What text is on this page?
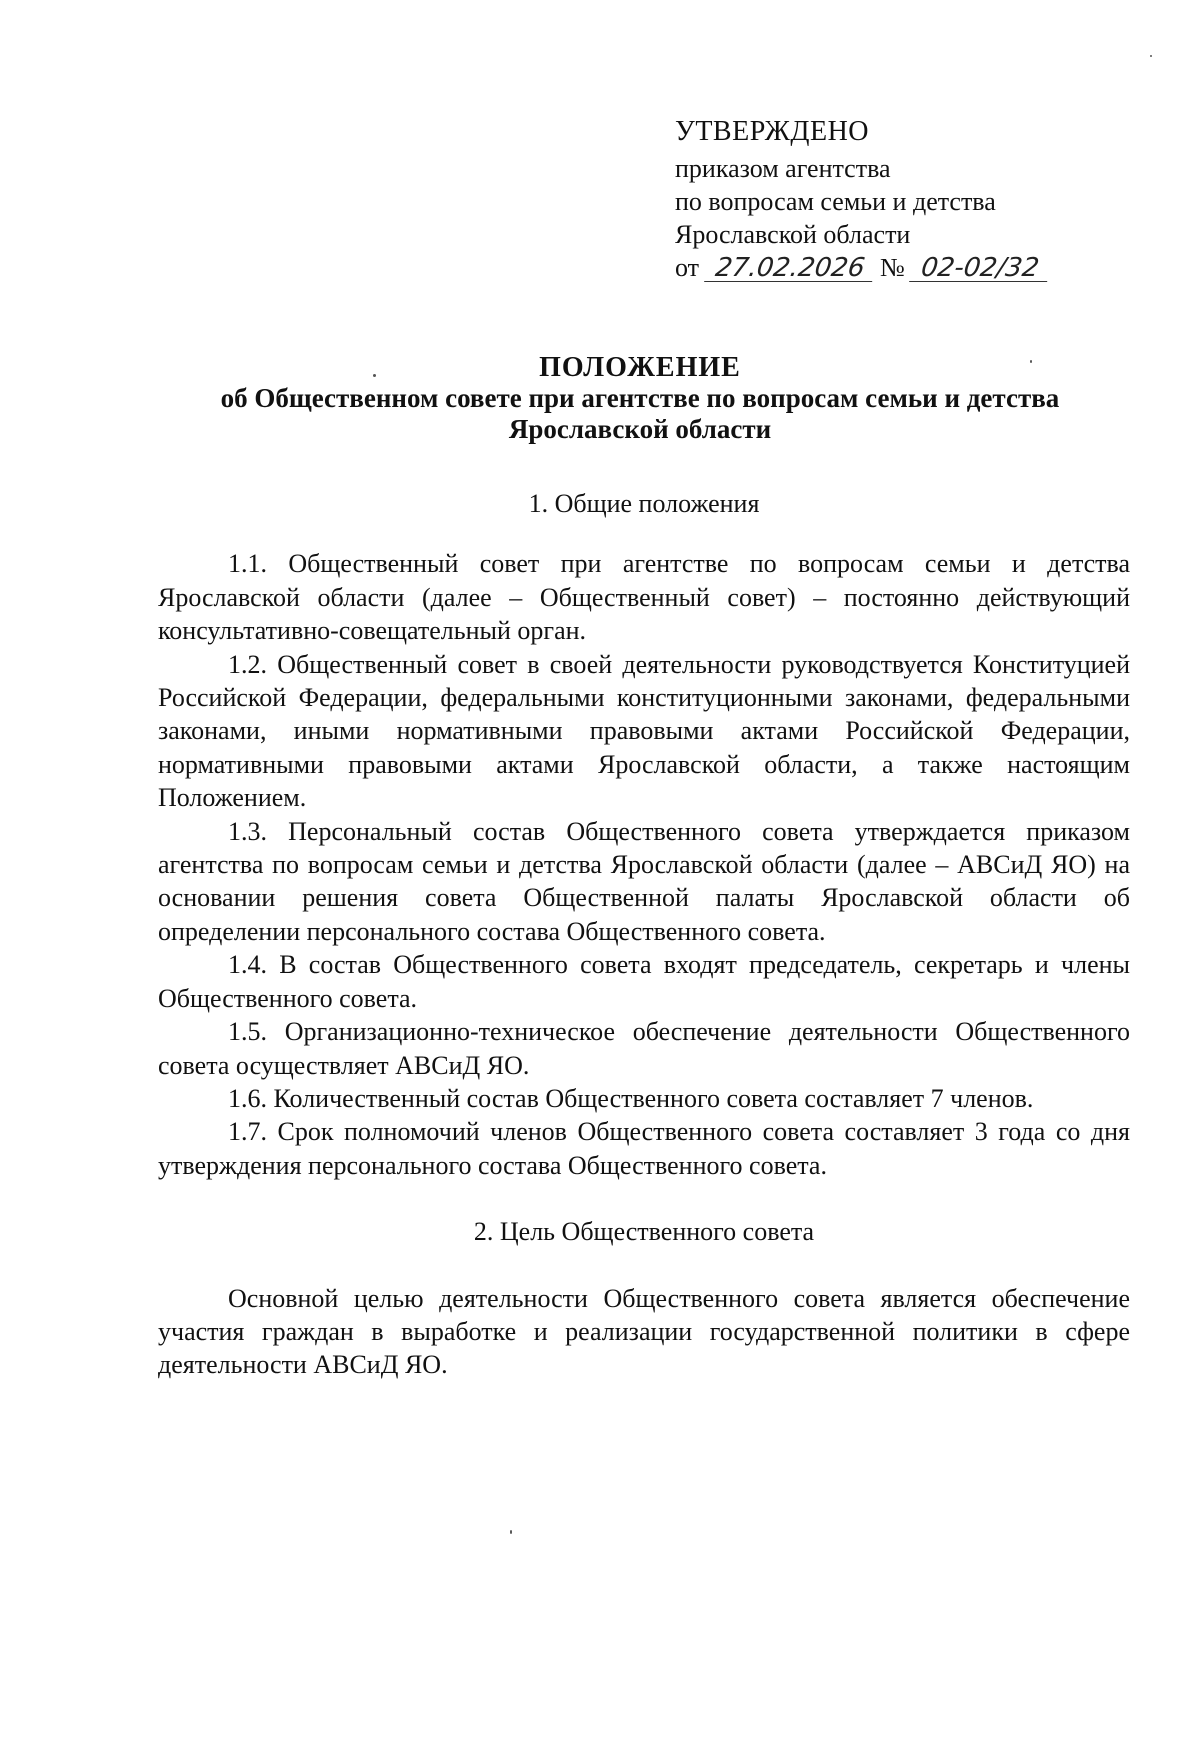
УТВЕРЖДЕНО
приказом агентства
по вопросам семьи и детства
Ярославской области
от 27.02.2026 № 02-02/32
ПОЛОЖЕНИЕ
об Общественном совете при агентстве по вопросам семьи и детства
Ярославской области

1. Общие положения

1.1. Общественный совет при агентстве по вопросам семьи и детства Ярославской области (далее – Общественный совет) – постоянно действующий консультативно-совещательный орган.

1.2. Общественный совет в своей деятельности руководствуется Конституцией Российской Федерации, федеральными конституционными законами, федеральными законами, иными нормативными правовыми актами Российской Федерации, нормативными правовыми актами Ярославской области, а также настоящим Положением.

1.3. Персональный состав Общественного совета утверждается приказом агентства по вопросам семьи и детства Ярославской области (далее – АВСиД ЯО) на основании решения совета Общественной палаты Ярославской области об определении персонального состава Общественного совета.

1.4. В состав Общественного совета входят председатель, секретарь и члены Общественного совета.

1.5. Организационно-техническое обеспечение деятельности Общественного совета осуществляет АВСиД ЯО.

1.6. Количественный состав Общественного совета составляет 7 членов.

1.7. Срок полномочий членов Общественного совета составляет 3 года со дня утверждения персонального состава Общественного совета.

2. Цель Общественного совета

Основной целью деятельности Общественного совета является обеспечение участия граждан в выработке и реализации государственной политики в сфере деятельности АВСиД ЯО.
